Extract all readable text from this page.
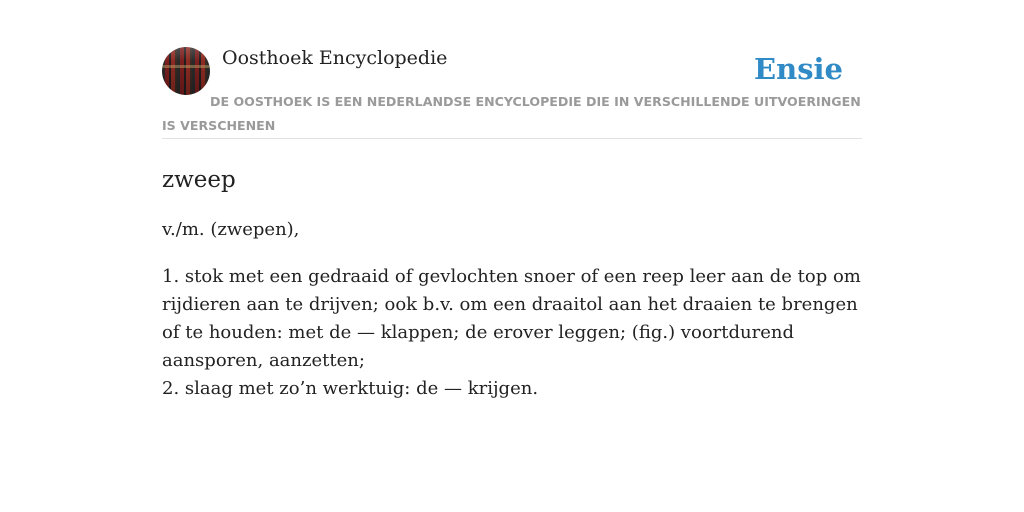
Oosthoek Encyclopedie	Ensie
DE OOSTHOEK IS EEN NEDERLANDSE ENCYCLOPEDIE DIE IN VERSCHILLENDE UITVOERINGEN IS VERSCHENEN
zweep
v./m. (zwepen),

1. stok met een gedraaid of gevlochten snoer of een reep leer aan de top om rijdieren aan te drijven; ook b.v. om een draaitol aan het draaien te brengen of te houden: met de — klappen; de erover leggen; (fig.) voortdurend aansporen, aanzetten;

2. slaag met zo’n werktuig: de — krijgen.
